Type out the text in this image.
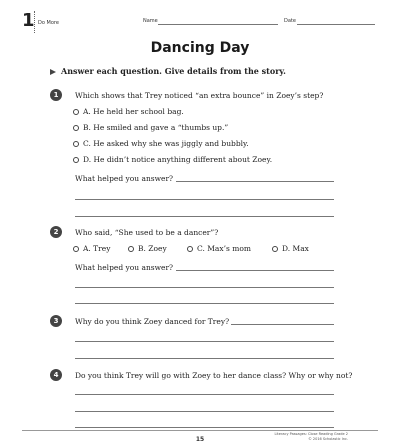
1 Do More	Name	Date
Dancing Day
Answer each question. Give details from the story.
1	Which shows that Trey noticed “an extra bounce” in Zoey’s step?
A. He held her school bag.
B. He smiled and gave a “thumbs up.”
C. He asked why she was jiggly and bubbly.
D. He didn’t notice anything different about Zoey.
What helped you answer?
2	Who said, “She used to be a dancer”?
A. Trey	B. Zoey	C. Max’s mom	D. Max
What helped you answer?
3	Why do you think Zoey danced for Trey?
4	Do you think Trey will go with Zoey to her dance class? Why or why not?
15
Literacy Passages: Close Reading Grade 2
© 2016 Scholastic Inc.
